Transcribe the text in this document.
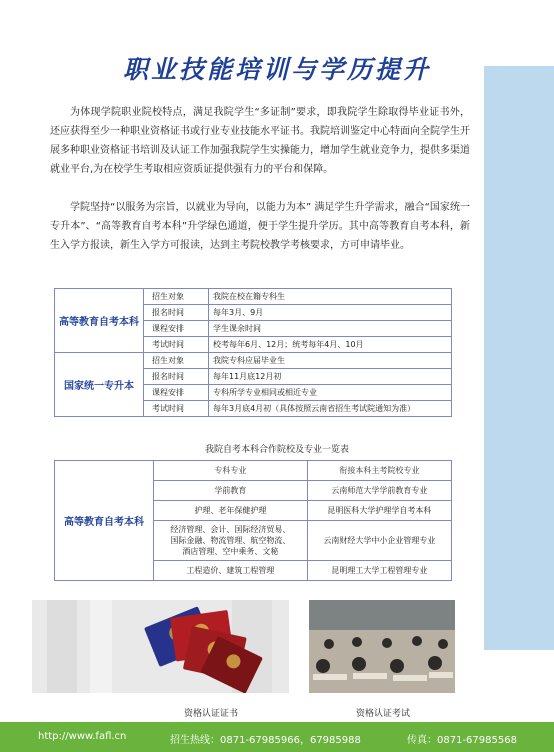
职业技能培训与学历提升

为体现学院职业院校特点，满足我院学生“多证制”要求，即我院学生除取得毕业证书外，还应获得至少一种职业资格证书或行业专业技能水平证书。我院培训鉴定中心特面向全院学生开展多种职业资格证书培训及认证工作加强我院学生实操能力，增加学生就业竞争力，提供多渠道就业平台,为在校学生考取相应资质证提供强有力的平台和保障。

学院坚持“以服务为宗旨，以就业为导向，以能力为本” 满足学生升学需求，融合“国家统一专升本”、“高等教育自考本科”升学绿色通道，便于学生提升学历。其中高等教育自考本科，新生入学方报读，新生入学方可报读，达到主考院校教学考核要求，方可申请毕业。

高等教育自考本科	招生对象	我院在校在籍专科生
	报名时间	每年3月、9月
	课程安排	学生课余时间
	考试时间	校考每年6月、12月；统考每年4月、10月
国家统一专升本	招生对象	我院专科应届毕业生
	报名时间	每年11月底12月初
	课程安排	专科所学专业相同或相近专业
	考试时间	每年3月底4月初（具体按照云南省招生考试院通知为准）
我院自考本科合作院校及专业一览表
高等教育自考本科	专科专业	衔接本科主考院校专业
	学前教育	云南师范大学学前教育专业
	护理、老年保健护理	昆明医科大学护理学自考本科

	经济管理、会计、国际经济贸易、
国际金融、物流管理、航空物流、
酒店管理、空中乘务、文秘	云南财经大学中小企业管理专业
	工程造价、建筑工程管理	昆明理工大学工程管理专业
资格认证证书	资格认证考试
http://www.fafl.cn	招生热线：0871-67985966，67985988	传真：0871-67985568
